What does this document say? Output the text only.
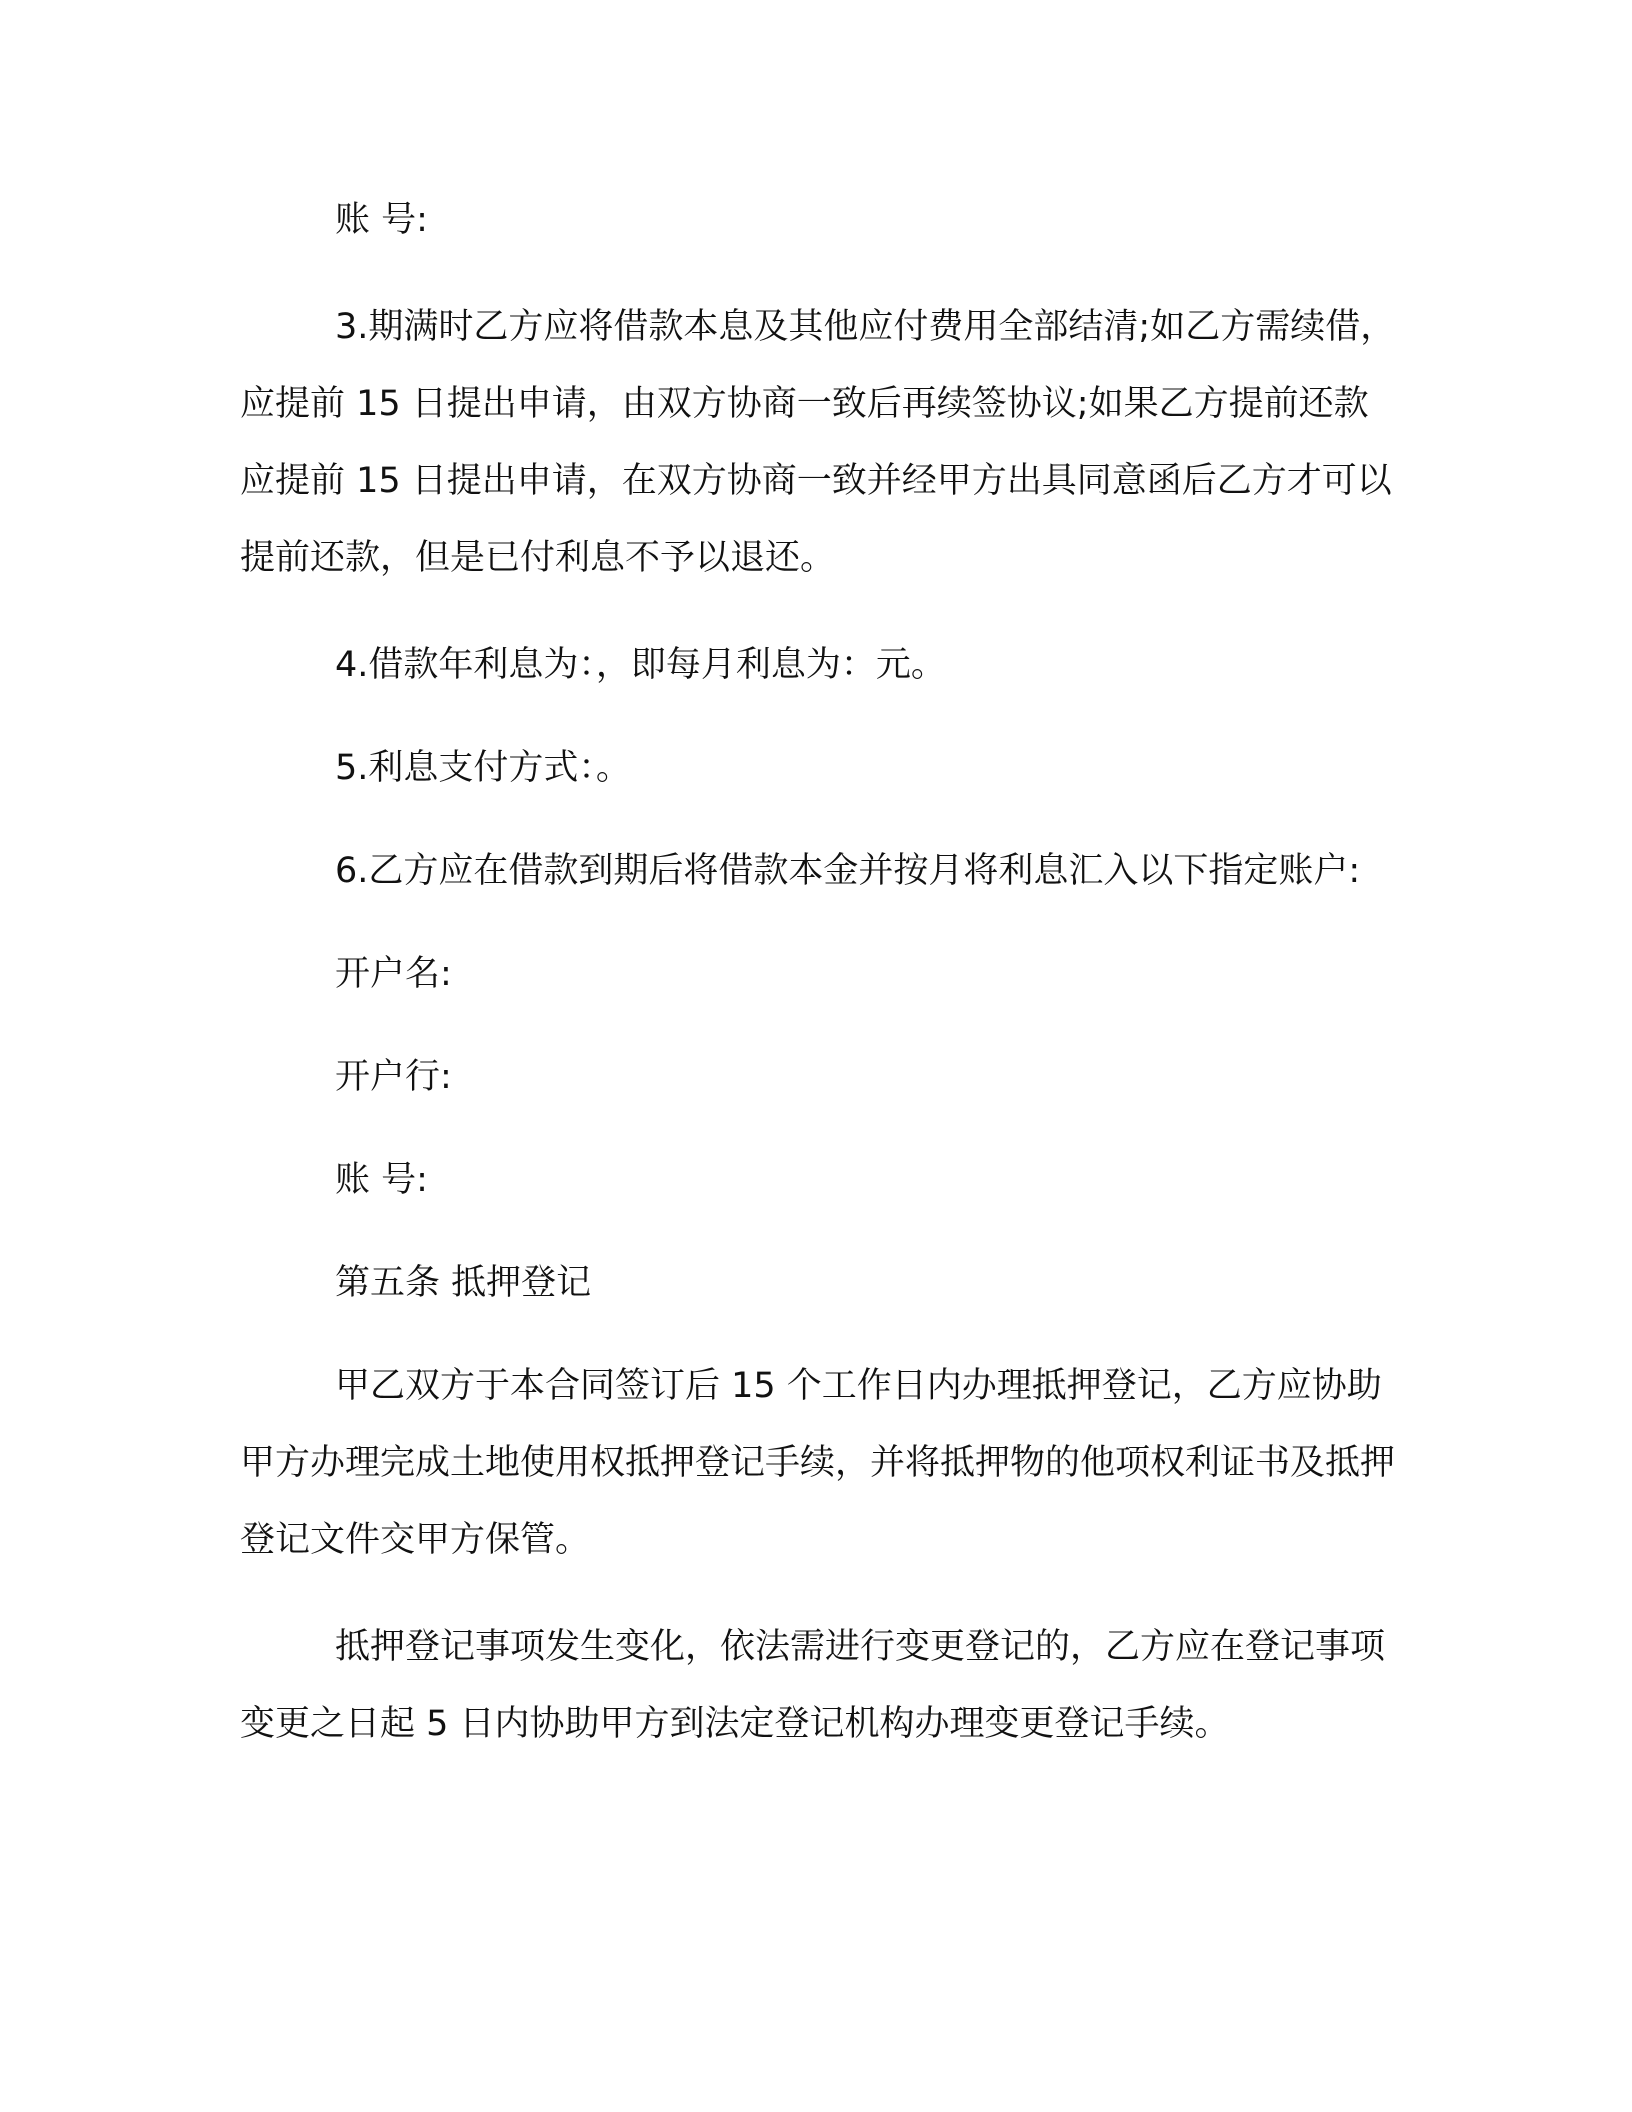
账 号:

3.期满时乙方应将借款本息及其他应付费用全部结清;如乙方需续借，应提前 15 日提出申请，由双方协商一致后再续签协议;如果乙方提前还款应提前 15 日提出申请，在双方协商一致并经甲方出具同意函后乙方才可以提前还款，但是已付利息不予以退还。

4.借款年利息为：，即每月利息为：元。

5.利息支付方式：。

6.乙方应在借款到期后将借款本金并按月将利息汇入以下指定账户:

开户名:

开户行:

账 号:

第五条 抵押登记

甲乙双方于本合同签订后 15 个工作日内办理抵押登记，乙方应协助甲方办理完成土地使用权抵押登记手续，并将抵押物的他项权利证书及抵押登记文件交甲方保管。

抵押登记事项发生变化，依法需进行变更登记的，乙方应在登记事项变更之日起 5 日内协助甲方到法定登记机构办理变更登记手续。
